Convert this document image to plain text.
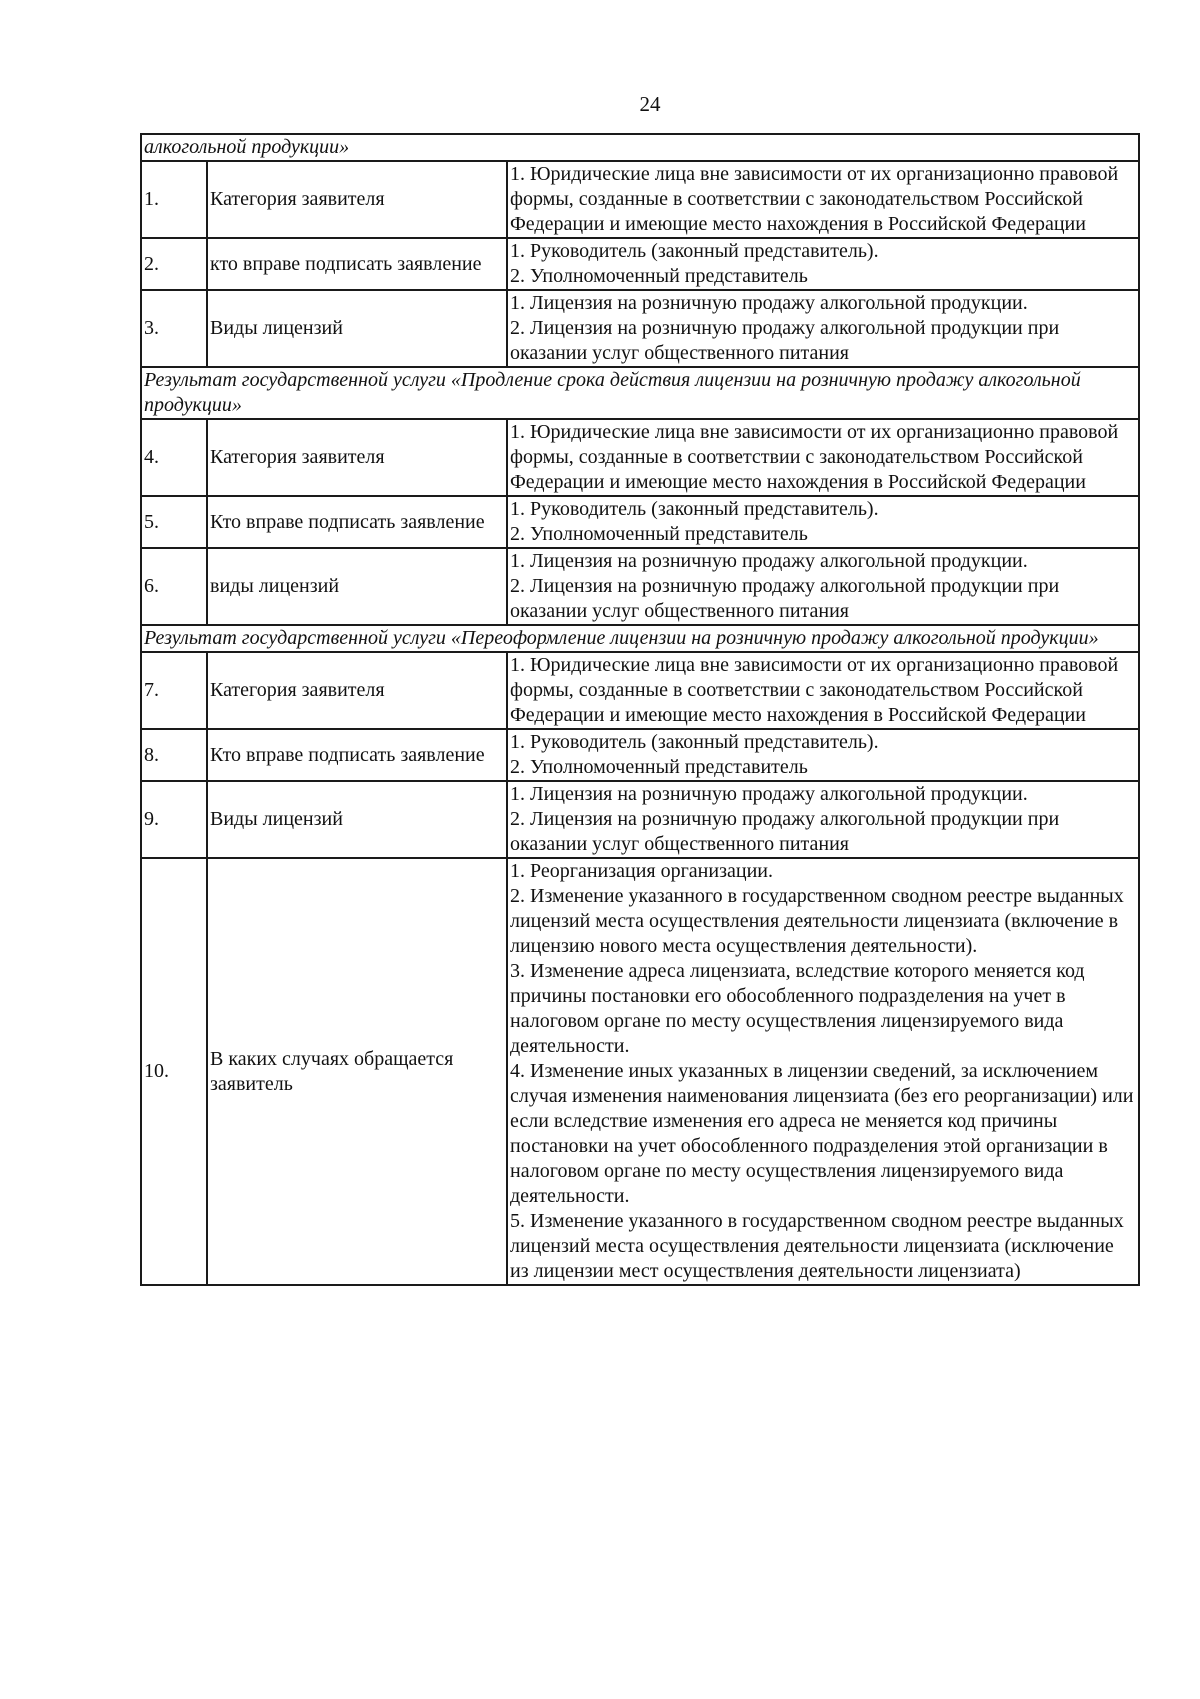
24
алкогольной продукции»		
1.	Категория заявителя	1. Юридические лица вне зависимости от их организационно правовой формы, созданные в соответствии с законодательством Российской Федерации и имеющие место нахождения в Российской Федерации

2.	кто вправе подписать заявление	1. Руководитель (законный представитель).
2. Уполномоченный представитель

3.	Виды лицензий	1. Лицензия на розничную продажу алкогольной продукции.
2. Лицензия на розничную продажу алкогольной продукции при оказании услуг общественного питания

Результат государственной услуги «Продление срока действия лицензии на розничную продажу алкогольной продукции»		
4.	Категория заявителя	1. Юридические лица вне зависимости от их организационно правовой формы, созданные в соответствии с законодательством Российской Федерации и имеющие место нахождения в Российской Федерации

5.	Кто вправе подписать заявление	1. Руководитель (законный представитель).
2. Уполномоченный представитель

6.	виды лицензий	1. Лицензия на розничную продажу алкогольной продукции.
2. Лицензия на розничную продажу алкогольной продукции при оказании услуг общественного питания

Результат государственной услуги «Переоформление лицензии на розничную продажу алкогольной продукции»		
7.	Категория заявителя	1. Юридические лица вне зависимости от их организационно правовой формы, созданные в соответствии с законодательством Российской Федерации и имеющие место нахождения в Российской Федерации

8.	Кто вправе подписать заявление	1. Руководитель (законный представитель).
2. Уполномоченный представитель

9.	Виды лицензий	1. Лицензия на розничную продажу алкогольной продукции.
2. Лицензия на розничную продажу алкогольной продукции при оказании услуг общественного питания

10.	В каких случаях обращается заявитель	1. Реорганизация организации.
2. Изменение указанного в государственном сводном реестре выданных лицензий места осуществления деятельности лицензиата (включение в лицензию нового места осуществления деятельности).
3. Изменение адреса лицензиата, вследствие которого меняется код причины постановки его обособленного подразделения на учет в налоговом органе по месту осуществления лицензируемого вида деятельности.
4. Изменение иных указанных в лицензии сведений, за исключением случая изменения наименования лицензиата (без его реорганизации) или если вследствие изменения его адреса не меняется код причины постановки на учет обособленного подразделения этой организации в налоговом органе по месту осуществления лицензируемого вида деятельности.
5. Изменение указанного в государственном сводном реестре выданных лицензий места осуществления деятельности лицензиата (исключение из лицензии мест осуществления деятельности лицензиата)
